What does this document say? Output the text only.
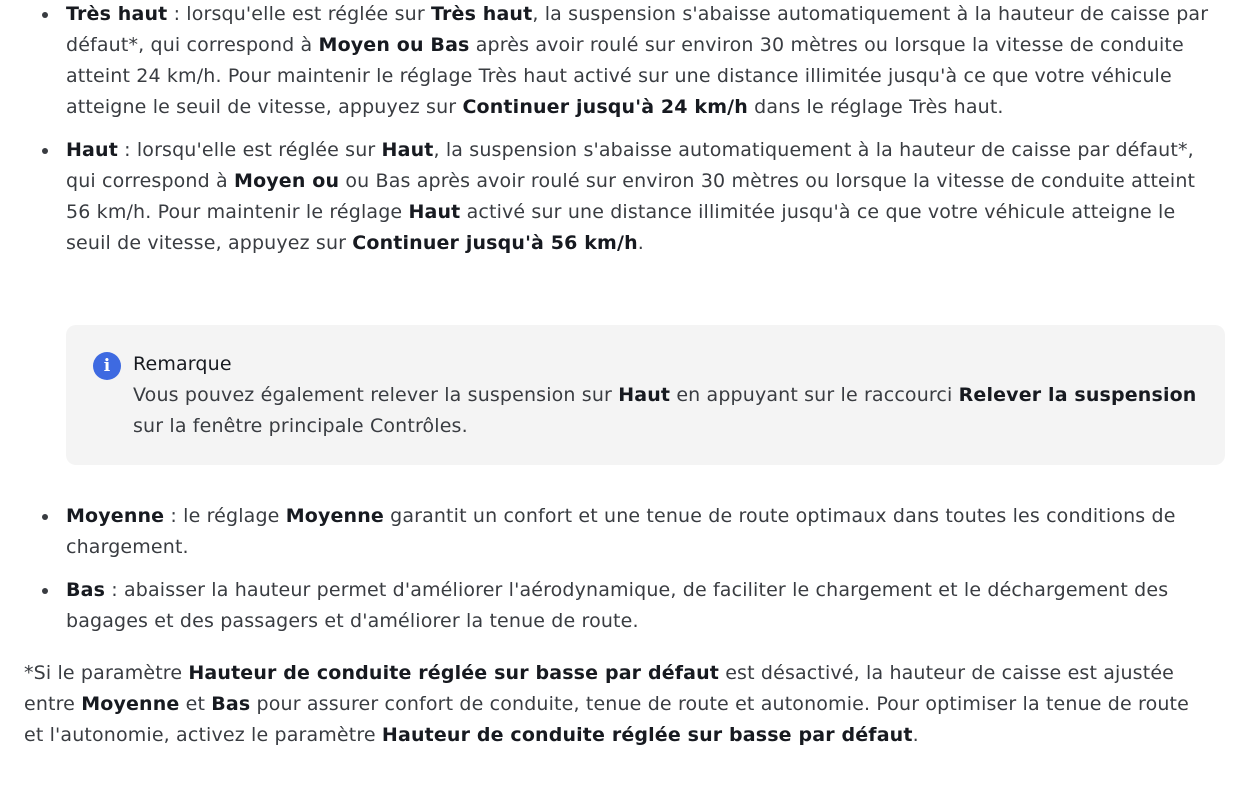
Très haut : lorsqu'elle est réglée sur Très haut, la suspension s'abaisse automatiquement à la hauteur de caisse par défaut*, qui correspond à Moyen ou Bas après avoir roulé sur environ 30 mètres ou lorsque la vitesse de conduite atteint 24 km/h. Pour maintenir le réglage Très haut activé sur une distance illimitée jusqu'à ce que votre véhicule atteigne le seuil de vitesse, appuyez sur Continuer jusqu'à 24 km/h dans le réglage Très haut.
Haut : lorsqu'elle est réglée sur Haut, la suspension s'abaisse automatiquement à la hauteur de caisse par défaut*, qui correspond à Moyen ou ou Bas après avoir roulé sur environ 30 mètres ou lorsque la vitesse de conduite atteint 56 km/h. Pour maintenir le réglage Haut activé sur une distance illimitée jusqu'à ce que votre véhicule atteigne le seuil de vitesse, appuyez sur Continuer jusqu'à 56 km/h.
i	Remarque
Vous pouvez également relever la suspension sur Haut en appuyant sur le raccourci Relever la suspension sur la fenêtre principale Contrôles.
Moyenne : le réglage Moyenne garantit un confort et une tenue de route optimaux dans toutes les conditions de chargement.
Bas : abaisser la hauteur permet d'améliorer l'aérodynamique, de faciliter le chargement et le déchargement des bagages et des passagers et d'améliorer la tenue de route.
*Si le paramètre Hauteur de conduite réglée sur basse par défaut est désactivé, la hauteur de caisse est ajustée entre Moyenne et Bas pour assurer confort de conduite, tenue de route et autonomie. Pour optimiser la tenue de route et l'autonomie, activez le paramètre Hauteur de conduite réglée sur basse par défaut.
